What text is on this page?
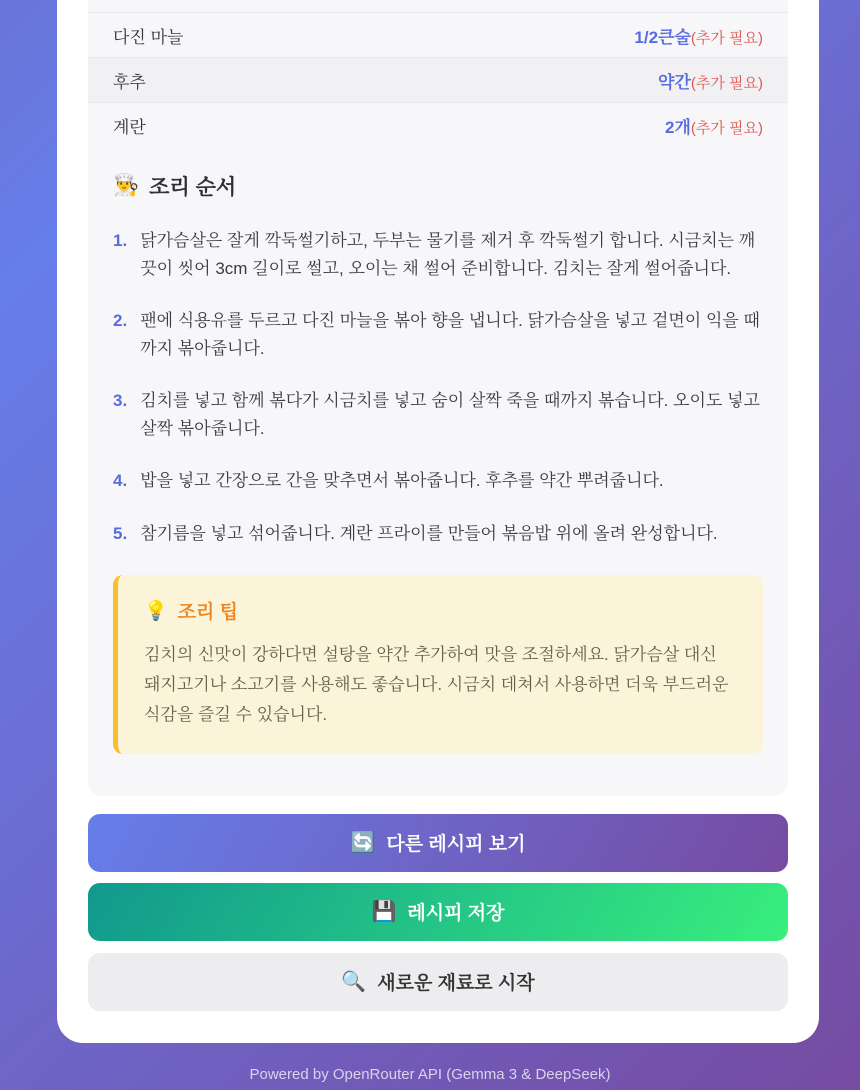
다진 마늘	1/2큰술(추가 필요)
후추	약간(추가 필요)
계란	2개(추가 필요)
👨‍🍳 조리 순서
1. 닭가슴살은 잘게 깍둑썰기하고, 두부는 물기를 제거 후 깍둑썰기 합니다. 시금치는 깨끗이 씻어 3cm 길이로 썰고, 오이는 채 썰어 준비합니다. 김치는 잘게 썰어줍니다.
2. 팬에 식용유를 두르고 다진 마늘을 볶아 향을 냅니다. 닭가슴살을 넣고 겉면이 익을 때까지 볶아줍니다.
3. 김치를 넣고 함께 볶다가 시금치를 넣고 숨이 살짝 죽을 때까지 볶습니다. 오이도 넣고 살짝 볶아줍니다.
4. 밥을 넣고 간장으로 간을 맞추면서 볶아줍니다. 후추를 약간 뿌려줍니다.
5. 참기름을 넣고 섞어줍니다. 계란 프라이를 만들어 볶음밥 위에 올려 완성합니다.
💡 조리 팁
김치의 신맛이 강하다면 설탕을 약간 추가하여 맛을 조절하세요. 닭가슴살 대신 돼지고기나 소고기를 사용해도 좋습니다. 시금치 데쳐서 사용하면 더욱 부드러운 식감을 즐길 수 있습니다.
🔄 다른 레시피 보기
💾 레시피 저장
🔍 새로운 재료로 시작
Powered by OpenRouter API (Gemma 3 & DeepSeek)
